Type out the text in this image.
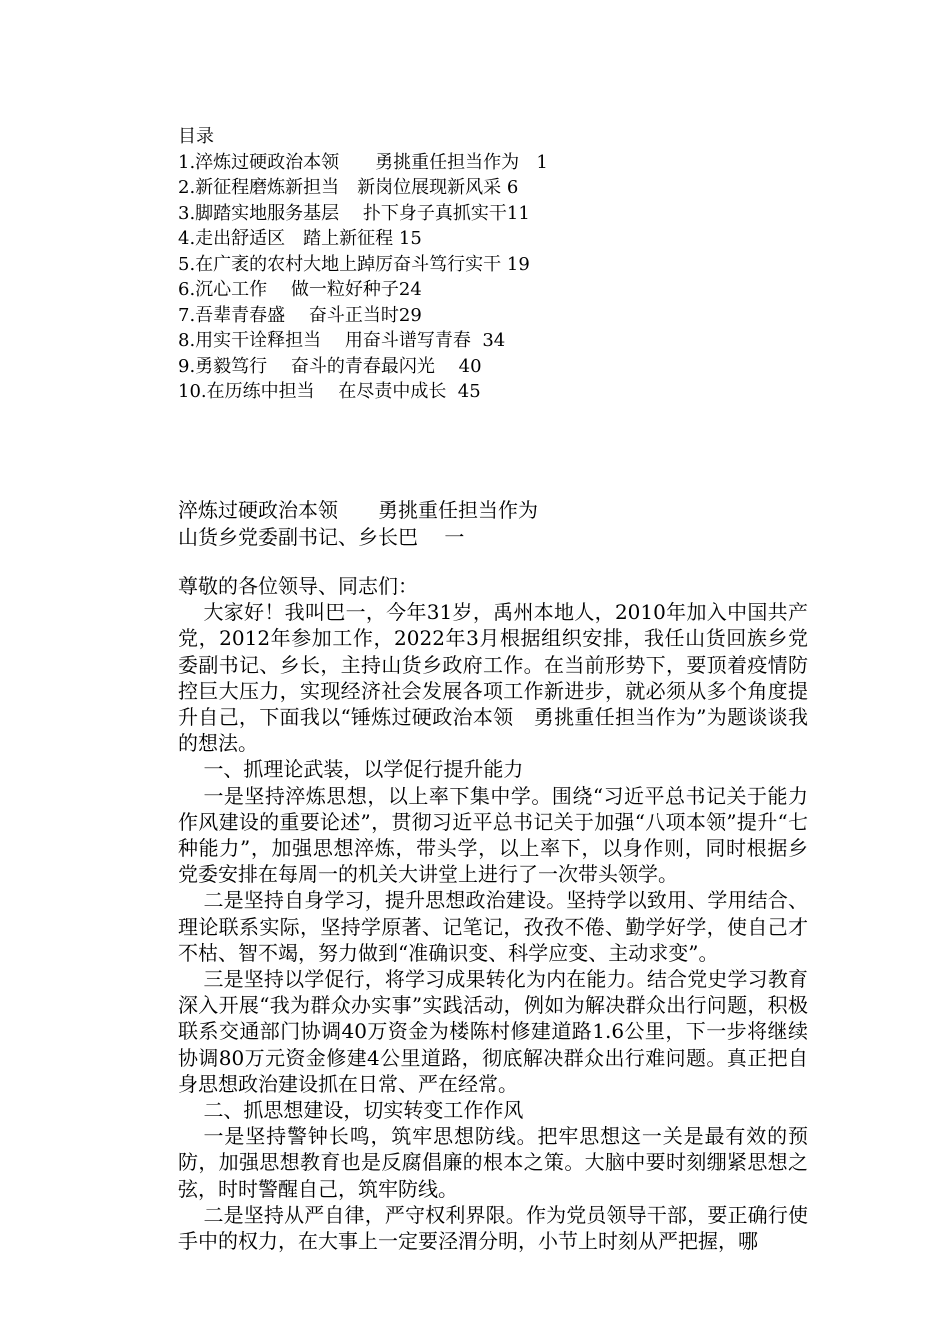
目录
1.淬炼过硬政治本领　　勇挑重任担当作为   1
2.新征程磨炼新担当　新岗位展现新风采 6
3.脚踏实地服务基层　 扑下身子真抓实干11
4.走出舒适区　踏上新征程 15
5.在广袤的农村大地上踔厉奋斗笃行实干 19
6.沉心工作　 做一粒好种子24
7.吾辈青春盛　 奋斗正当时29
8.用实干诠释担当　 用奋斗谱写青春  34
9.勇毅笃行　 奋斗的青春最闪光　 40
10.在历练中担当　 在尽责中成长  45
淬炼过硬政治本领　　勇挑重任担当作为
山货乡党委副书记、乡长巴　 一

尊敬的各位领导、同志们：

大家好！我叫巴一，今年31岁，禹州本地人，2010年加入中国共产党，2012年参加工作，2022年3月根据组织安排，我任山货回族乡党委副书记、乡长，主持山货乡政府工作。在当前形势下，要顶着疫情防控巨大压力，实现经济社会发展各项工作新进步，就必须从多个角度提升自己，下面我以“锤炼过硬政治本领　勇挑重任担当作为”为题谈谈我的想法。

一、抓理论武装，以学促行提升能力

一是坚持淬炼思想，以上率下集中学。围绕“习近平总书记关于能力作风建设的重要论述”，贯彻习近平总书记关于加强“八项本领”提升“七种能力”，加强思想淬炼，带头学，以上率下，以身作则，同时根据乡党委安排在每周一的机关大讲堂上进行了一次带头领学。

二是坚持自身学习，提升思想政治建设。坚持学以致用、学用结合、理论联系实际，坚持学原著、记笔记，孜孜不倦、勤学好学，使自己才不枯、智不竭，努力做到“准确识变、科学应变、主动求变”。

三是坚持以学促行，将学习成果转化为内在能力。结合党史学习教育深入开展“我为群众办实事”实践活动，例如为解决群众出行问题，积极联系交通部门协调40万资金为楼陈村修建道路1.6公里，下一步将继续协调80万元资金修建4公里道路，彻底解决群众出行难问题。真正把自身思想政治建设抓在日常、严在经常。

二、抓思想建设，切实转变工作作风

一是坚持警钟长鸣，筑牢思想防线。把牢思想这一关是最有效的预防，加强思想教育也是反腐倡廉的根本之策。大脑中要时刻绷紧思想之弦，时时警醒自己，筑牢防线。

二是坚持从严自律，严守权利界限。作为党员领导干部，要正确行使手中的权力，在大事上一定要泾渭分明，小节上时刻从严把握，哪
